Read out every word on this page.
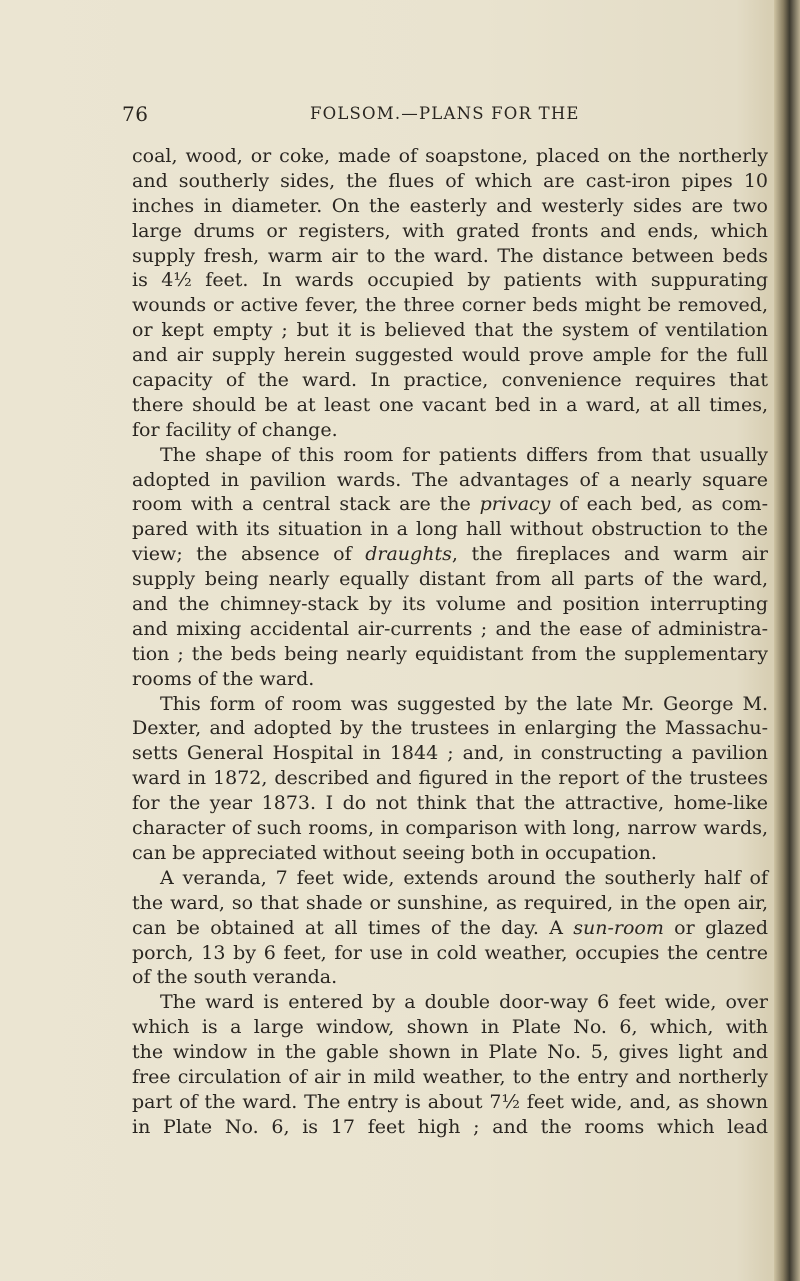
76	FOLSOM.—PLANS FOR THE
coal, wood, or coke, made of soapstone, placed on the northerly
and southerly sides, the flues of which are cast-iron pipes 10
inches in diameter. On the easterly and westerly sides are two
large drums or registers, with grated fronts and ends, which
supply fresh, warm air to the ward. The distance between beds
is 4½ feet. In wards occupied by patients with suppurating
wounds or active fever, the three corner beds might be removed,
or kept empty ; but it is believed that the system of ventilation
and air supply herein suggested would prove ample for the full
capacity of the ward. In practice, convenience requires that
there should be at least one vacant bed in a ward, at all times,
for facility of change.
The shape of this room for patients differs from that usually
adopted in pavilion wards. The advantages of a nearly square
room with a central stack are the privacy of each bed, as com-
pared with its situation in a long hall without obstruction to the
view; the absence of draughts, the fireplaces and warm air
supply being nearly equally distant from all parts of the ward,
and the chimney-stack by its volume and position interrupting
and mixing accidental air-currents ; and the ease of administra-
tion ; the beds being nearly equidistant from the supplementary
rooms of the ward.
This form of room was suggested by the late Mr. George M.
Dexter, and adopted by the trustees in enlarging the Massachu-
setts General Hospital in 1844 ; and, in constructing a pavilion
ward in 1872, described and figured in the report of the trustees
for the year 1873. I do not think that the attractive, home-like
character of such rooms, in comparison with long, narrow wards,
can be appreciated without seeing both in occupation.
A veranda, 7 feet wide, extends around the southerly half of
the ward, so that shade or sunshine, as required, in the open air,
can be obtained at all times of the day. A sun-room or glazed
porch, 13 by 6 feet, for use in cold weather, occupies the centre
of the south veranda.
The ward is entered by a double door-way 6 feet wide, over
which is a large window, shown in Plate No. 6, which, with
the window in the gable shown in Plate No. 5, gives light and
free circulation of air in mild weather, to the entry and northerly
part of the ward. The entry is about 7½ feet wide, and, as shown
in Plate No. 6, is 17 feet high ; and the rooms which lead
